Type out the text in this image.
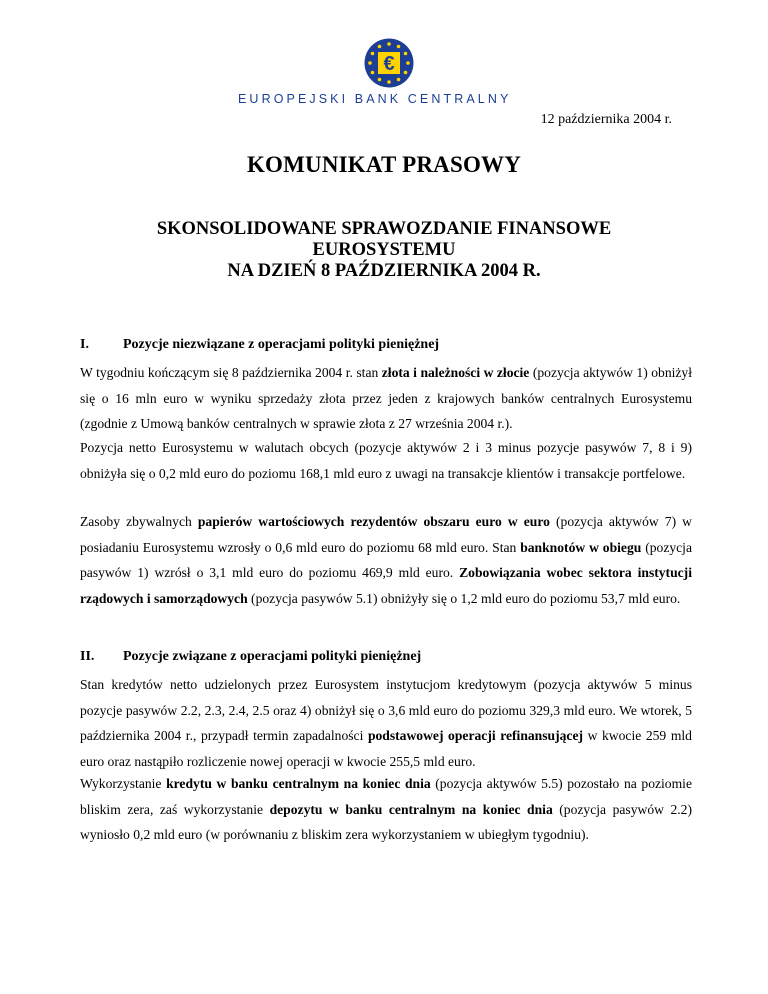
€
EUROPEJSKI BANK CENTRALNY
12 października 2004 r.
KOMUNIKAT PRASOWY
SKONSOLIDOWANE SPRAWOZDANIE FINANSOWE
EUROSYSTEMU
NA DZIEŃ 8 PAŹDZIERNIKA 2004 R.
I. Pozycje niezwiązane z operacjami polityki pieniężnej

W tygodniu kończącym się 8 października 2004 r. stan złota i należności w złocie (pozycja aktywów 1) obniżył się o 16 mln euro w wyniku sprzedaży złota przez jeden z krajowych banków centralnych Eurosystemu (zgodnie z Umową banków centralnych w sprawie złota z 27 września 2004 r.).

Pozycja netto Eurosystemu w walutach obcych (pozycje aktywów 2 i 3 minus pozycje pasywów 7, 8 i 9) obniżyła się o 0,2 mld euro do poziomu 168,1 mld euro z uwagi na transakcje klientów i transakcje portfelowe.

Zasoby zbywalnych papierów wartościowych rezydentów obszaru euro w euro (pozycja aktywów 7) w posiadaniu Eurosystemu wzrosły o 0,6 mld euro do poziomu 68 mld euro. Stan banknotów w obiegu (pozycja pasywów 1) wzrósł o 3,1 mld euro do poziomu 469,9 mld euro. Zobowiązania wobec sektora instytucji rządowych i samorządowych (pozycja pasywów 5.1) obniżyły się o 1,2 mld euro do poziomu 53,7 mld euro.

II. Pozycje związane z operacjami polityki pieniężnej

Stan kredytów netto udzielonych przez Eurosystem instytucjom kredytowym (pozycja aktywów 5 minus pozycje pasywów 2.2, 2.3, 2.4, 2.5 oraz 4) obniżył się o 3,6 mld euro do poziomu 329,3 mld euro. We wtorek, 5 października 2004 r., przypadł termin zapadalności podstawowej operacji refinansującej w kwocie 259 mld euro oraz nastąpiło rozliczenie nowej operacji w kwocie 255,5 mld euro.

Wykorzystanie kredytu w banku centralnym na koniec dnia (pozycja aktywów 5.5) pozostało na poziomie bliskim zera, zaś wykorzystanie depozytu w banku centralnym na koniec dnia (pozycja pasywów 2.2) wyniosło 0,2 mld euro (w porównaniu z bliskim zera wykorzystaniem w ubiegłym tygodniu).
